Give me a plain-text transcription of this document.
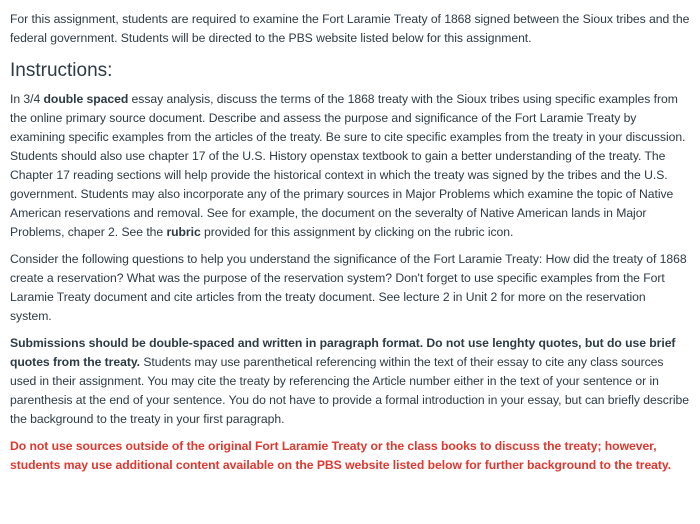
For this assignment, students are required to examine the Fort Laramie Treaty of 1868 signed between the Sioux tribes and the federal government. Students will be directed to the PBS website listed below for this assignment.

Instructions:

In 3/4 double spaced essay analysis, discuss the terms of the 1868 treaty with the Sioux tribes using specific examples from the online primary source document. Describe and assess the purpose and significance of the Fort Laramie Treaty by examining specific examples from the articles of the treaty. Be sure to cite specific examples from the treaty in your discussion. Students should also use chapter 17 of the U.S. History openstax textbook to gain a better understanding of the treaty. The Chapter 17 reading sections will help provide the historical context in which the treaty was signed by the tribes and the U.S. government. Students may also incorporate any of the primary sources in Major Problems which examine the topic of Native American reservations and removal. See for example, the document on the severalty of Native American lands in Major Problems, chaper 2. See the rubric provided for this assignment by clicking on the rubric icon.

Consider the following questions to help you understand the significance of the Fort Laramie Treaty: How did the treaty of 1868 create a reservation? What was the purpose of the reservation system? Don't forget to use specific examples from the Fort Laramie Treaty document and cite articles from the treaty document. See lecture 2 in Unit 2 for more on the reservation system.

Submissions should be double-spaced and written in paragraph format. Do not use lenghty quotes, but do use brief quotes from the treaty. Students may use parenthetical referencing within the text of their essay to cite any class sources used in their assignment. You may cite the treaty by referencing the Article number either in the text of your sentence or in parenthesis at the end of your sentence. You do not have to provide a formal introduction in your essay, but can briefly describe the background to the treaty in your first paragraph.

Do not use sources outside of the original Fort Laramie Treaty or the class books to discuss the treaty; however, students may use additional content available on the PBS website listed below for further background to the treaty.
